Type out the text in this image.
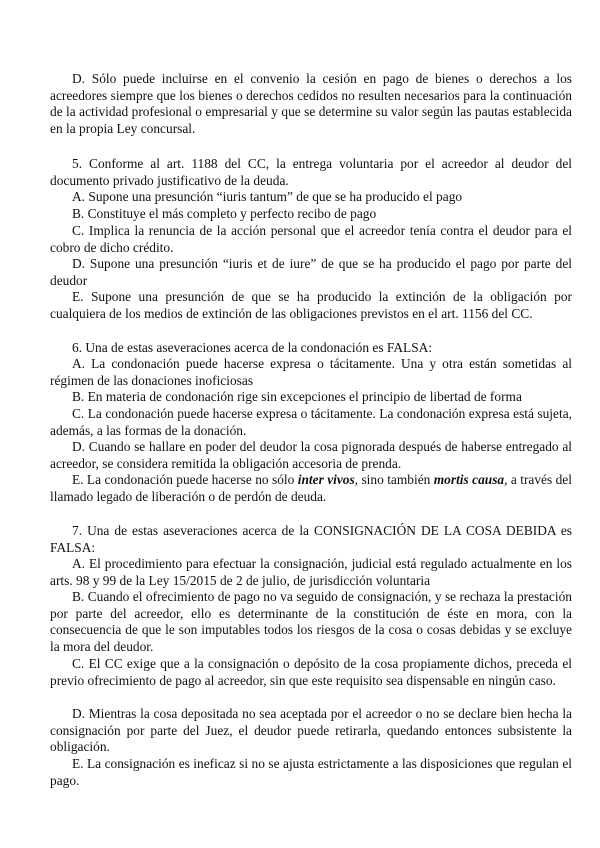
D. Sólo puede incluirse en el convenio la cesión en pago de bienes o derechos a los acreedores siempre que los bienes o derechos cedidos no resulten necesarios para la continuación de la actividad profesional o empresarial y que se determine su valor según las pautas establecida en la propia Ley concursal.

5. Conforme al art. 1188 del CC, la entrega voluntaria por el acreedor al deudor del documento privado justificativo de la deuda.

A. Supone una presunción “iuris tantum” de que se ha producido el pago

B. Constituye el más completo y perfecto recibo de pago

C. Implica la renuncia de la acción personal que el acreedor tenía contra el deudor para el cobro de dicho crédito.

D. Supone una presunción “iuris et de iure” de que se ha producido el pago por parte del deudor

E. Supone una presunción de que se ha producido la extinción de la obligación por cualquiera de los medios de extinción de las obligaciones previstos en el art. 1156 del CC.

6. Una de estas aseveraciones acerca de la condonación es FALSA:

A. La condonación puede hacerse expresa o tácitamente. Una y otra están sometidas al régimen de las donaciones inoficiosas

B. En materia de condonación rige sin excepciones el principio de libertad de forma

C. La condonación puede hacerse expresa o tácitamente. La condonación expresa está sujeta, además, a las formas de la donación.

D. Cuando se hallare en poder del deudor la cosa pignorada después de haberse entregado al acreedor, se considera remitida la obligación accesoria de prenda.

E. La condonación puede hacerse no sólo inter vivos, sino también mortis causa, a través del llamado legado de liberación o de perdón de deuda.

7. Una de estas aseveraciones acerca de la CONSIGNACIÓN DE LA COSA DEBIDA es FALSA:

A. El procedimiento para efectuar la consignación, judicial está regulado actualmente en los arts. 98 y 99 de la Ley 15/2015 de 2 de julio, de jurisdicción voluntaria

B. Cuando el ofrecimiento de pago no va seguido de consignación, y se rechaza la prestación por parte del acreedor, ello es determinante de la constitución de éste en mora, con la consecuencia de que le son imputables todos los riesgos de la cosa o cosas debidas y se excluye la mora del deudor.

C. El CC exige que a la consignación o depósito de la cosa propiamente dichos, preceda el previo ofrecimiento de pago al acreedor, sin que este requisito sea dispensable en ningún caso.

D. Mientras la cosa depositada no sea aceptada por el acreedor o no se declare bien hecha la consignación por parte del Juez, el deudor puede retirarla, quedando entonces subsistente la obligación.

E. La consignación es ineficaz si no se ajusta estrictamente a las disposiciones que regulan el pago.
